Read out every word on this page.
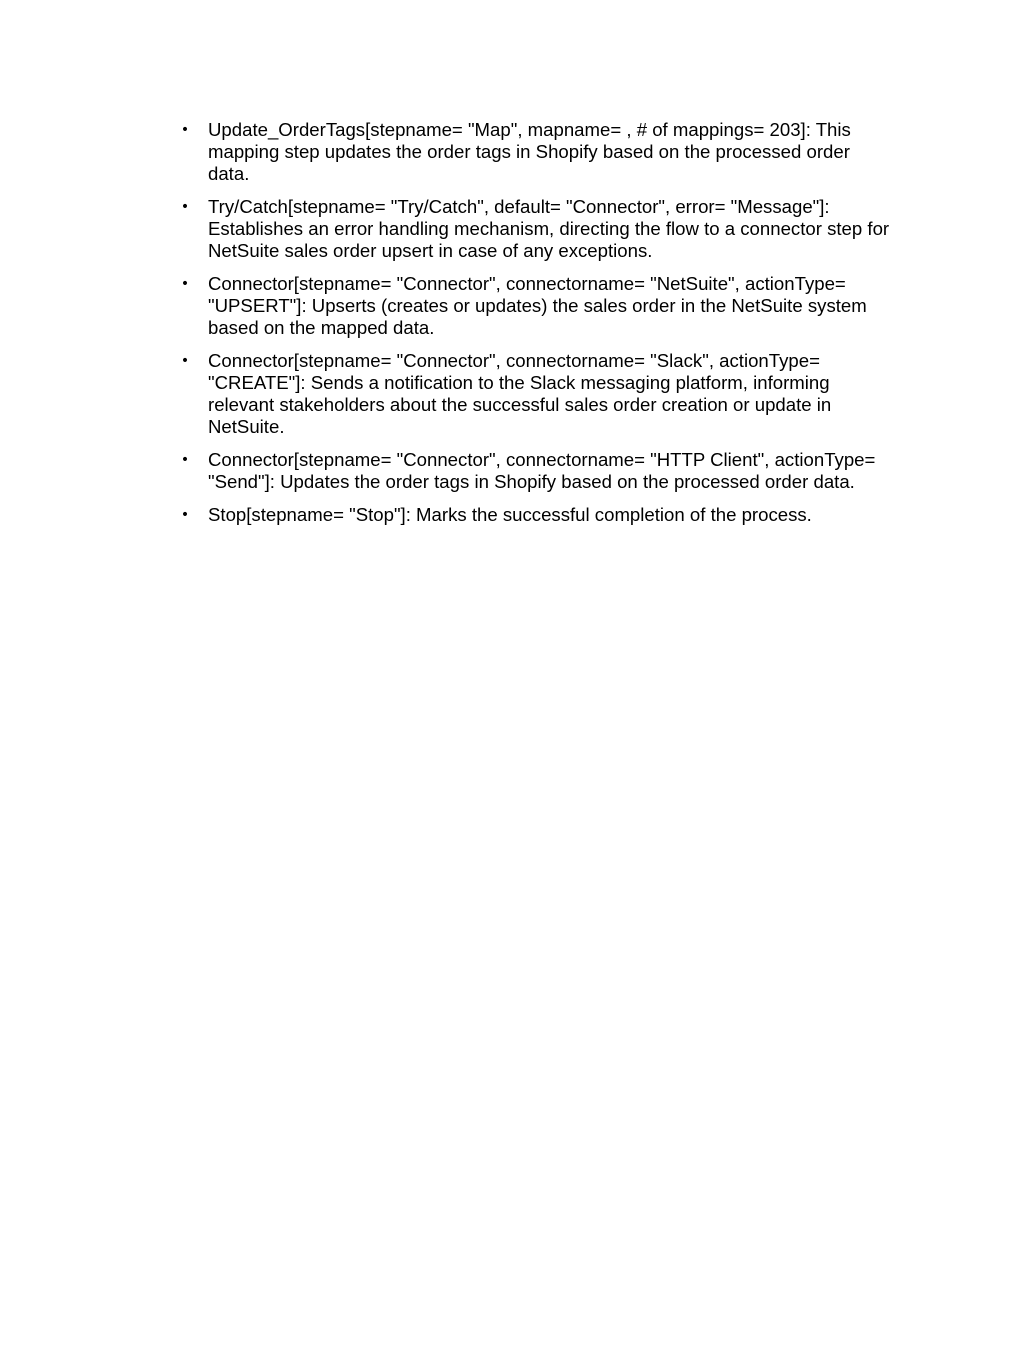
• Update_OrderTags[stepname= "Map", mapname= , # of mappings= 203]: This mapping step updates the order tags in Shopify based on the processed order data.
• Try/Catch[stepname= "Try/Catch", default= "Connector", error= "Message"]: Establishes an error handling mechanism, directing the flow to a connector step for NetSuite sales order upsert in case of any exceptions.
• Connector[stepname= "Connector", connectorname= "NetSuite", actionType= "UPSERT"]: Upserts (creates or updates) the sales order in the NetSuite system based on the mapped data.
• Connector[stepname= "Connector", connectorname= "Slack", actionType= "CREATE"]: Sends a notification to the Slack messaging platform, informing relevant stakeholders about the successful sales order creation or update in NetSuite.
• Connector[stepname= "Connector", connectorname= "HTTP Client", actionType= "Send"]: Updates the order tags in Shopify based on the processed order data.
• Stop[stepname= "Stop"]: Marks the successful completion of the process.
